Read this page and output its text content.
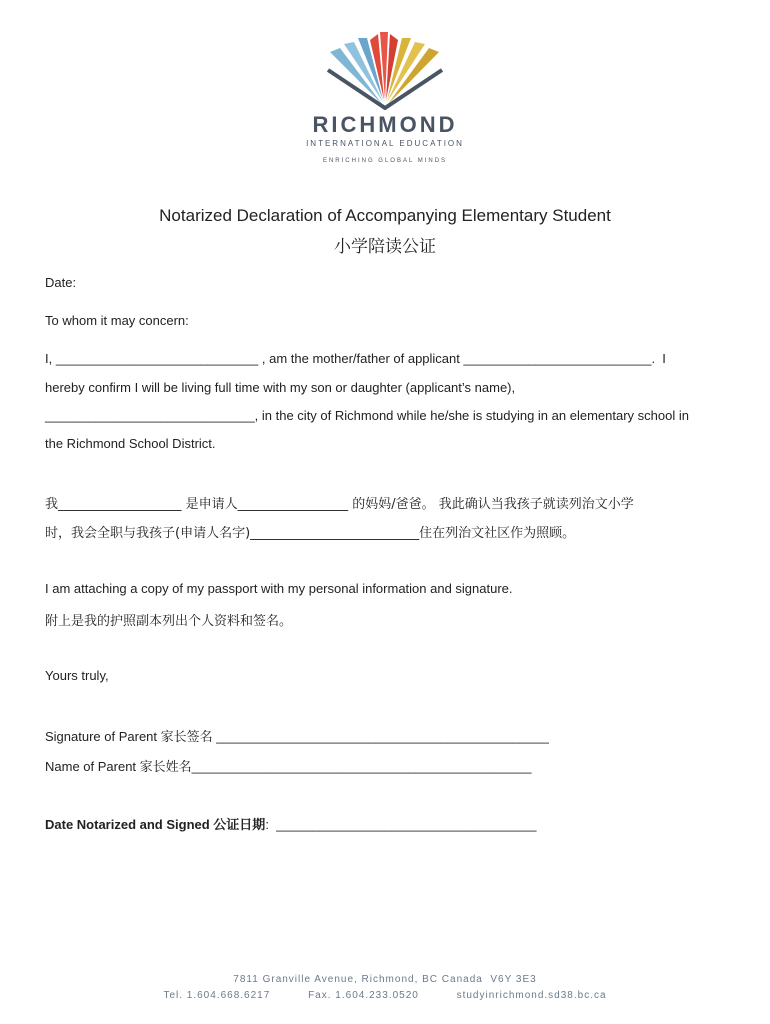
RICHMOND
INTERNATIONAL EDUCATION
ENRICHING GLOBAL MINDS
Notarized Declaration of Accompanying Elementary Student
小学陪读公证
Date:
To whom it may concern:
I, ____________________________ , am the mother/father of applicant __________________________.  I
hereby confirm I will be living full time with my son or daughter (applicant’s name),
_____________________________, in the city of Richmond while he/she is studying in an elementary school in
the Richmond School District.
我___________________ 是申请人_________________ 的妈妈/爸爸。 我此确认当我孩子就读列治文小学
时，我会全职与我孩子(申请人名字)__________________________住在列治文社区作为照顾。
I am attaching a copy of my passport with my personal information and signature.
附上是我的护照副本列出个人资料和签名。
Yours truly,
Signature of Parent 家长签名 ______________________________________________
Name of Parent 家长姓名_______________________________________________
Date Notarized and Signed 公证日期:  ____________________________________
7811 Granville Avenue, Richmond, BC Canada  V6Y 3E3
Tel. 1.604.668.6217          Fax. 1.604.233.0520          studyinrichmond.sd38.bc.ca
